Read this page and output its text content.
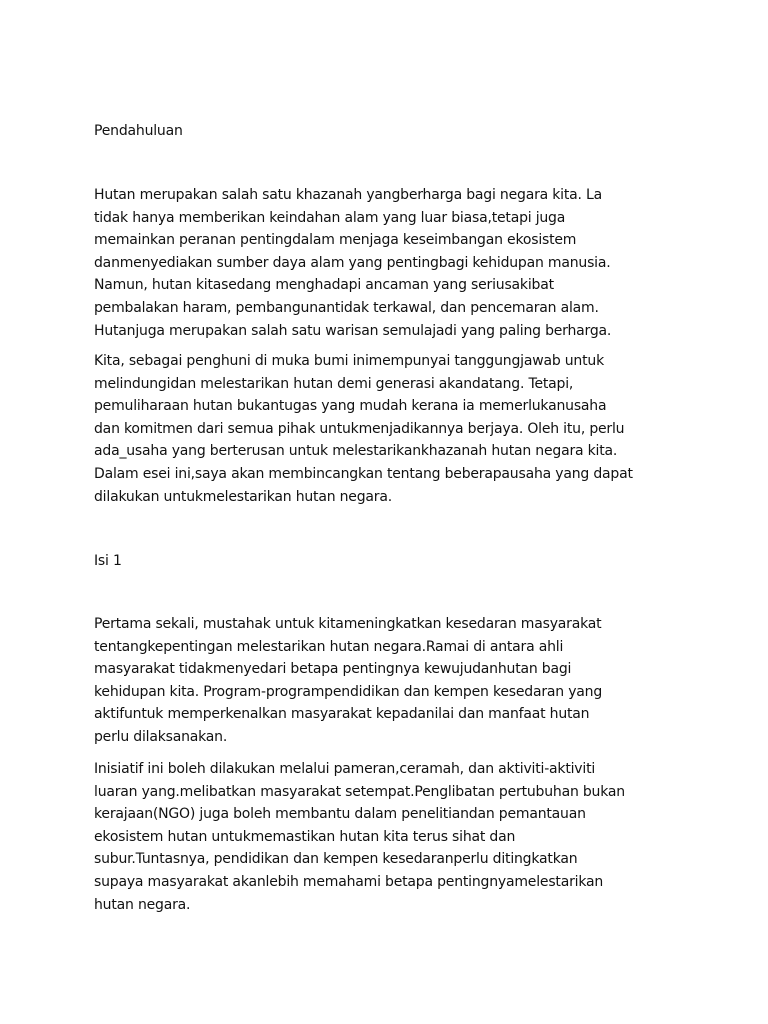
Pendahuluan
Hutan merupakan salah satu khazanah yangberharga bagi negara kita. La
tidak hanya memberikan keindahan alam yang luar biasa,tetapi juga
memainkan peranan pentingdalam menjaga keseimbangan ekosistem
danmenyediakan sumber daya alam yang pentingbagi kehidupan manusia.
Namun, hutan kitasedang menghadapi ancaman yang seriusakibat
pembalakan haram, pembangunantidak terkawal, dan pencemaran alam.
Hutanjuga merupakan salah satu warisan semulajadi yang paling berharga.
Kita, sebagai penghuni di muka bumi inimempunyai tanggungjawab untuk
melindungidan melestarikan hutan demi generasi akandatang. Tetapi,
pemuliharaan hutan bukantugas yang mudah kerana ia memerlukanusaha
dan komitmen dari semua pihak untukmenjadikannya berjaya. Oleh itu, perlu
ada_usaha yang berterusan untuk melestarikankhazanah hutan negara kita.
Dalam esei ini,saya akan membincangkan tentang beberapausaha yang dapat
dilakukan untukmelestarikan hutan negara.
Isi 1
Pertama sekali, mustahak untuk kitameningkatkan kesedaran masyarakat
tentangkepentingan melestarikan hutan negara.Ramai di antara ahli
masyarakat tidakmenyedari betapa pentingnya kewujudanhutan bagi
kehidupan kita. Program-programpendidikan dan kempen kesedaran yang
aktifuntuk memperkenalkan masyarakat kepadanilai dan manfaat hutan
perlu dilaksanakan.
Inisiatif ini boleh dilakukan melalui pameran,ceramah, dan aktiviti-aktiviti
luaran yang.melibatkan masyarakat setempat.Penglibatan pertubuhan bukan
kerajaan(NGO) juga boleh membantu dalam penelitiandan pemantauan
ekosistem hutan untukmemastikan hutan kita terus sihat dan
subur.Tuntasnya, pendidikan dan kempen kesedaranperlu ditingkatkan
supaya masyarakat akanlebih memahami betapa pentingnyamelestarikan
hutan negara.
